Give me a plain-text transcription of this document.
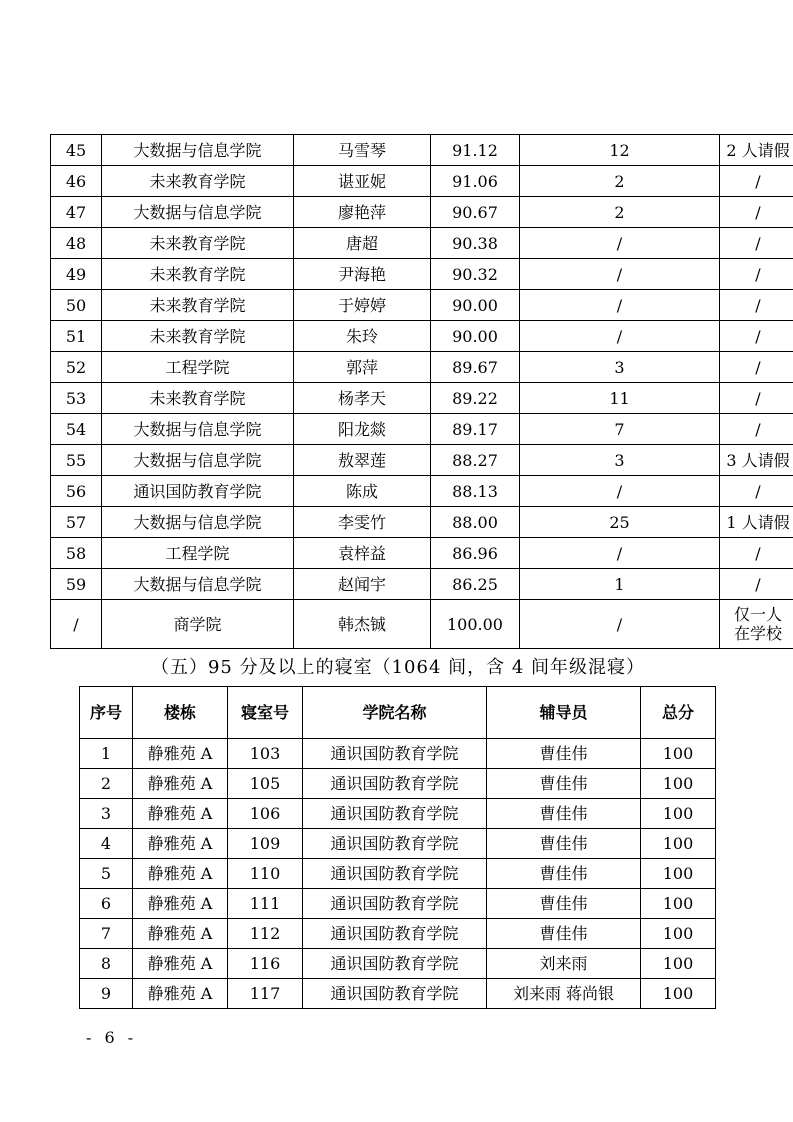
45	大数据与信息学院	马雪琴	91.12	12	2 人请假
46	未来教育学院	谌亚妮	91.06	2	/
47	大数据与信息学院	廖艳萍	90.67	2	/
48	未来教育学院	唐超	90.38	/	/
49	未来教育学院	尹海艳	90.32	/	/
50	未来教育学院	于婷婷	90.00	/	/
51	未来教育学院	朱玲	90.00	/	/
52	工程学院	郭萍	89.67	3	/
53	未来教育学院	杨孝天	89.22	11	/
54	大数据与信息学院	阳龙燚	89.17	7	/
55	大数据与信息学院	敖翠莲	88.27	3	3 人请假
56	通识国防教育学院	陈成	88.13	/	/
57	大数据与信息学院	李雯竹	88.00	25	1 人请假
58	工程学院	袁梓益	86.96	/	/
59	大数据与信息学院	赵闻宇	86.25	1	/
/	商学院	韩杰铖	100.00	/	仅一人
在学校
（五）95 分及以上的寝室（1064 间，含 4 间年级混寝）
序号	楼栋	寝室号	学院名称	辅导员	总分
1	静雅苑 A	103	通识国防教育学院	曹佳伟	100
2	静雅苑 A	105	通识国防教育学院	曹佳伟	100
3	静雅苑 A	106	通识国防教育学院	曹佳伟	100
4	静雅苑 A	109	通识国防教育学院	曹佳伟	100
5	静雅苑 A	110	通识国防教育学院	曹佳伟	100
6	静雅苑 A	111	通识国防教育学院	曹佳伟	100
7	静雅苑 A	112	通识国防教育学院	曹佳伟	100
8	静雅苑 A	116	通识国防教育学院	刘来雨	100
9	静雅苑 A	117	通识国防教育学院	刘来雨 蒋尚银	100
- 6 -
